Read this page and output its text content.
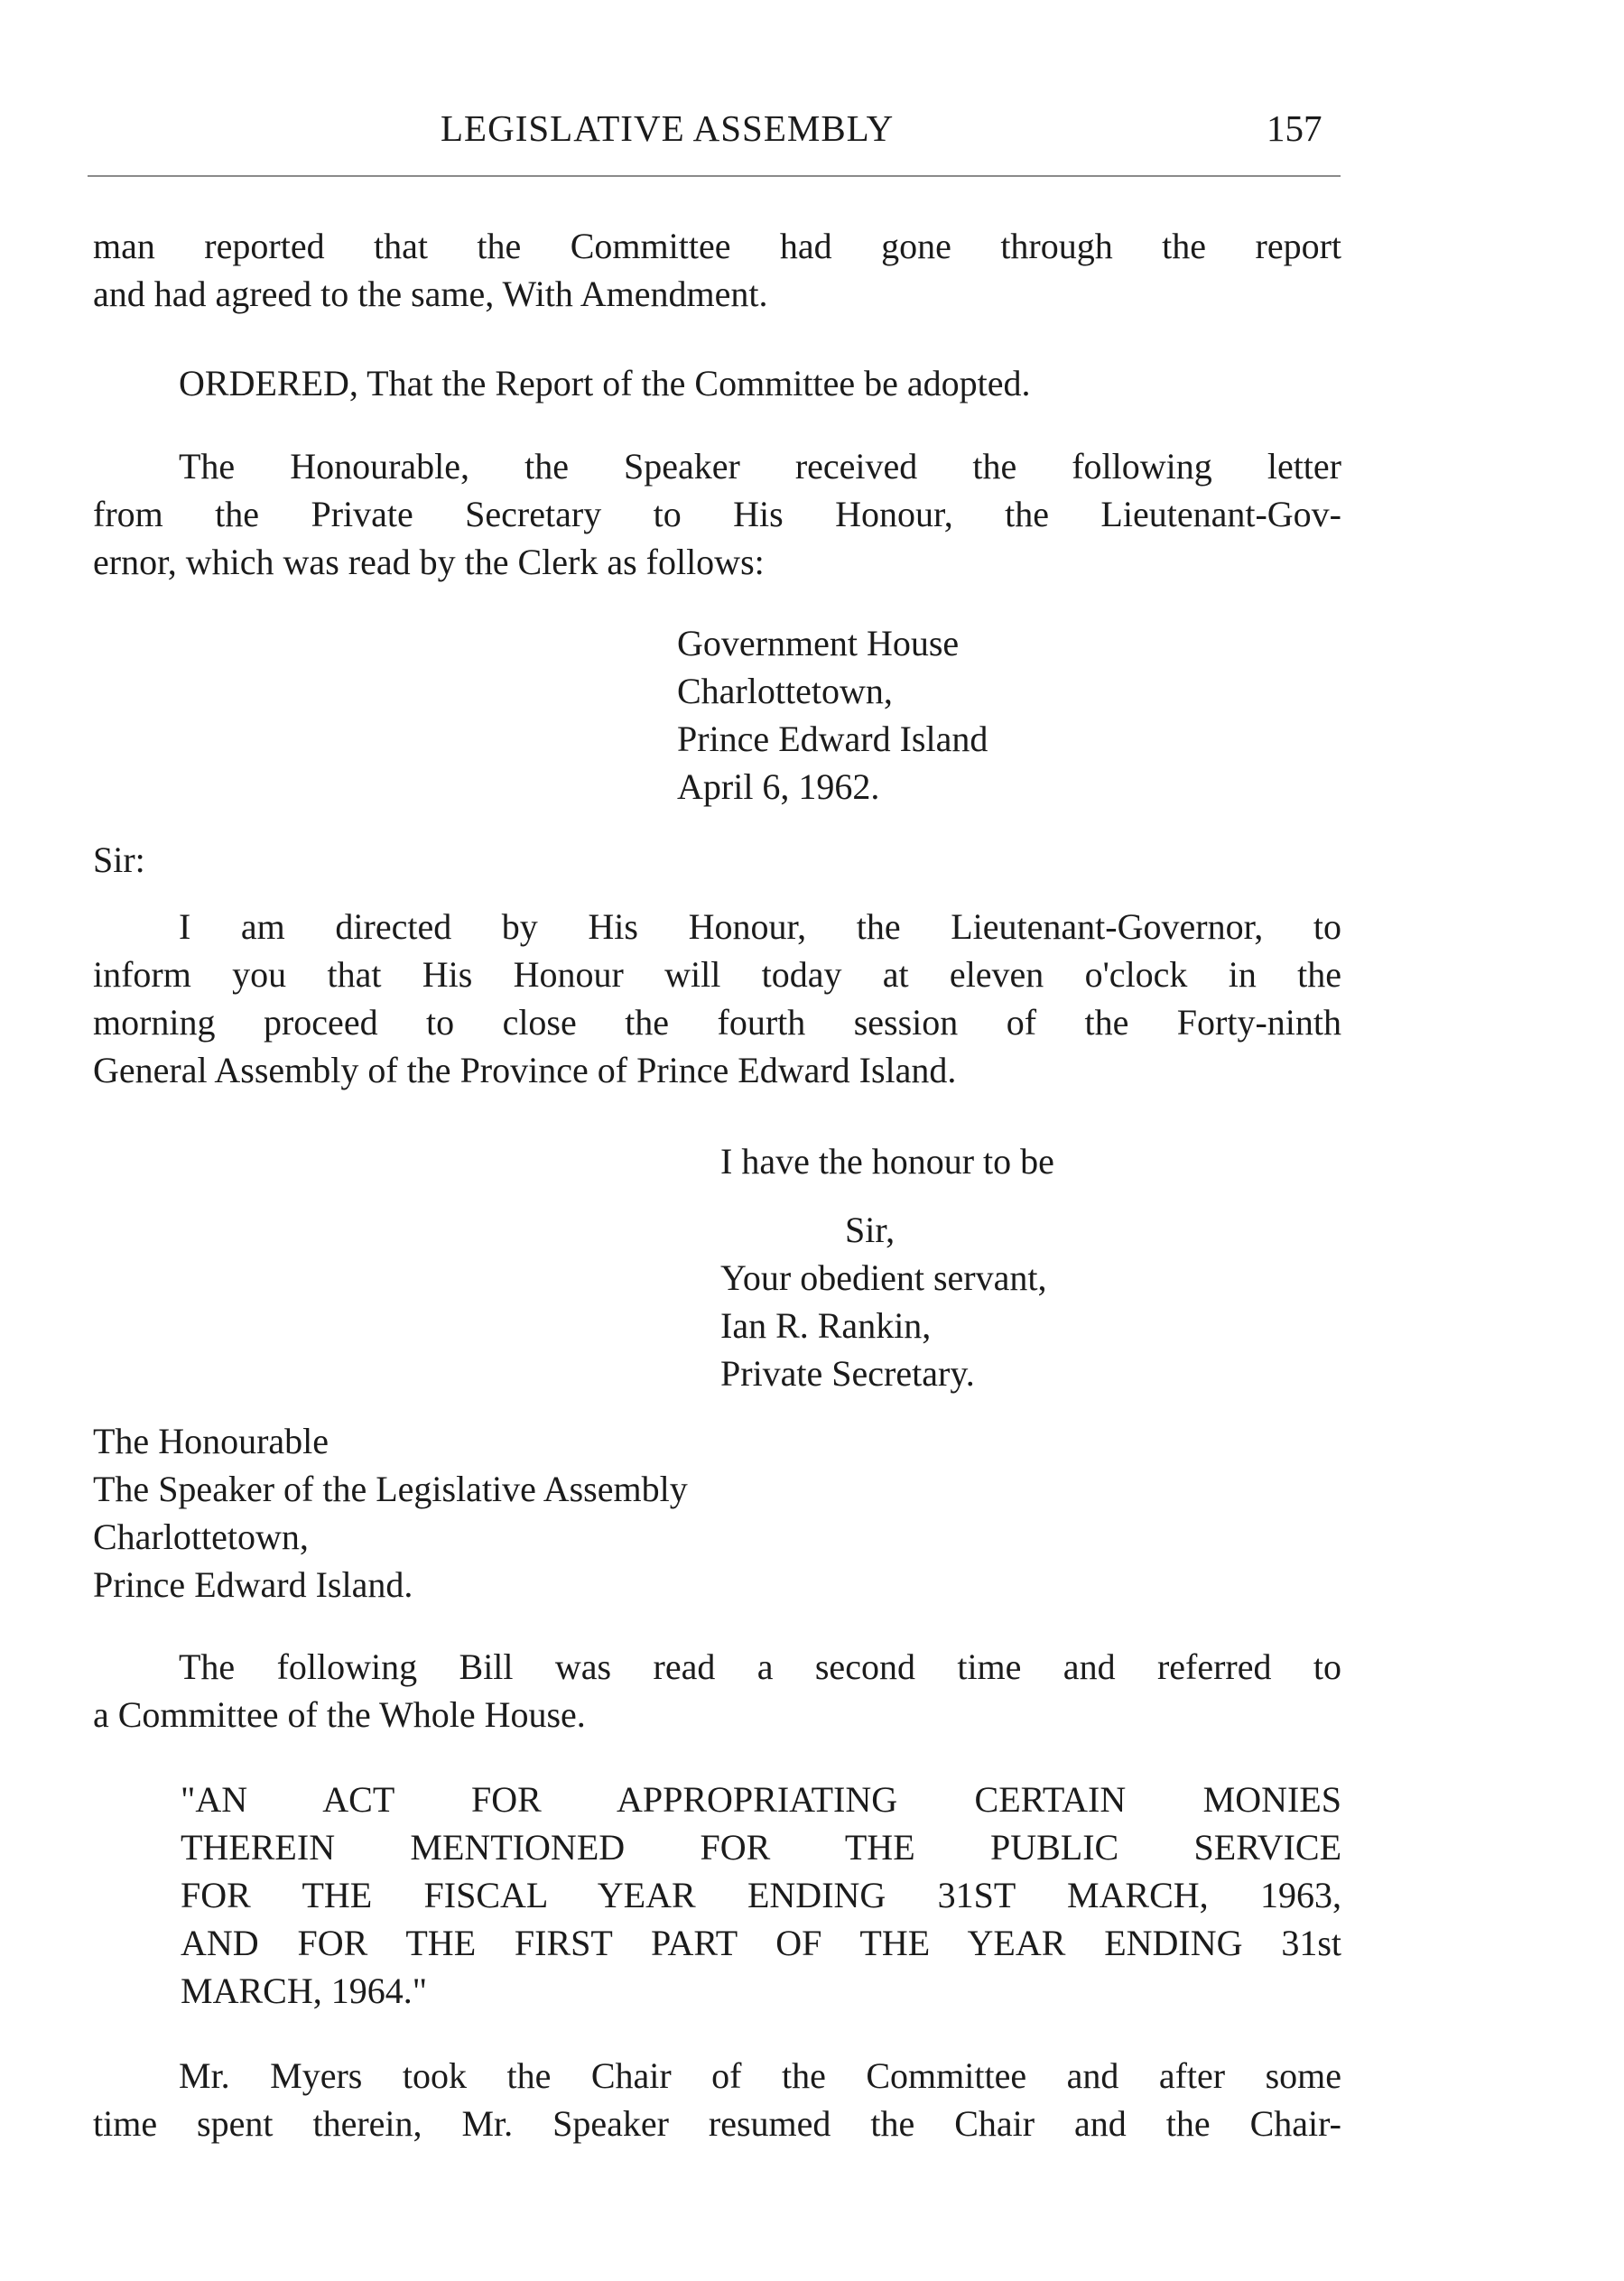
LEGISLATIVE ASSEMBLY	157
man reported that the Committee had gone through the report
and had agreed to the same, With Amendment.
ORDERED, That the Report of the Committee be adopted.
The Honourable, the Speaker received the following letter
from the Private Secretary to His Honour, the Lieutenant-Gov-
ernor, which was read by the Clerk as follows:
Government House
Charlottetown,
Prince Edward Island
April 6, 1962.
Sir:
I am directed by His Honour, the Lieutenant-Governor, to
inform you that His Honour will today at eleven o'clock in the
morning proceed to close the fourth session of the Forty-ninth
General Assembly of the Province of Prince Edward Island.
I have the honour to be
Sir,
Your obedient servant,
Ian R. Rankin,
Private Secretary.
The Honourable
The Speaker of the Legislative Assembly
Charlottetown,
Prince Edward Island.
The following Bill was read a second time and referred to
a Committee of the Whole House.
"AN ACT FOR APPROPRIATING CERTAIN MONIES
THEREIN MENTIONED FOR THE PUBLIC SERVICE
FOR THE FISCAL YEAR ENDING 31ST MARCH, 1963,
AND FOR THE FIRST PART OF THE YEAR ENDING 31st
MARCH, 1964."
Mr. Myers took the Chair of the Committee and after some
time spent therein, Mr. Speaker resumed the Chair and the Chair-
